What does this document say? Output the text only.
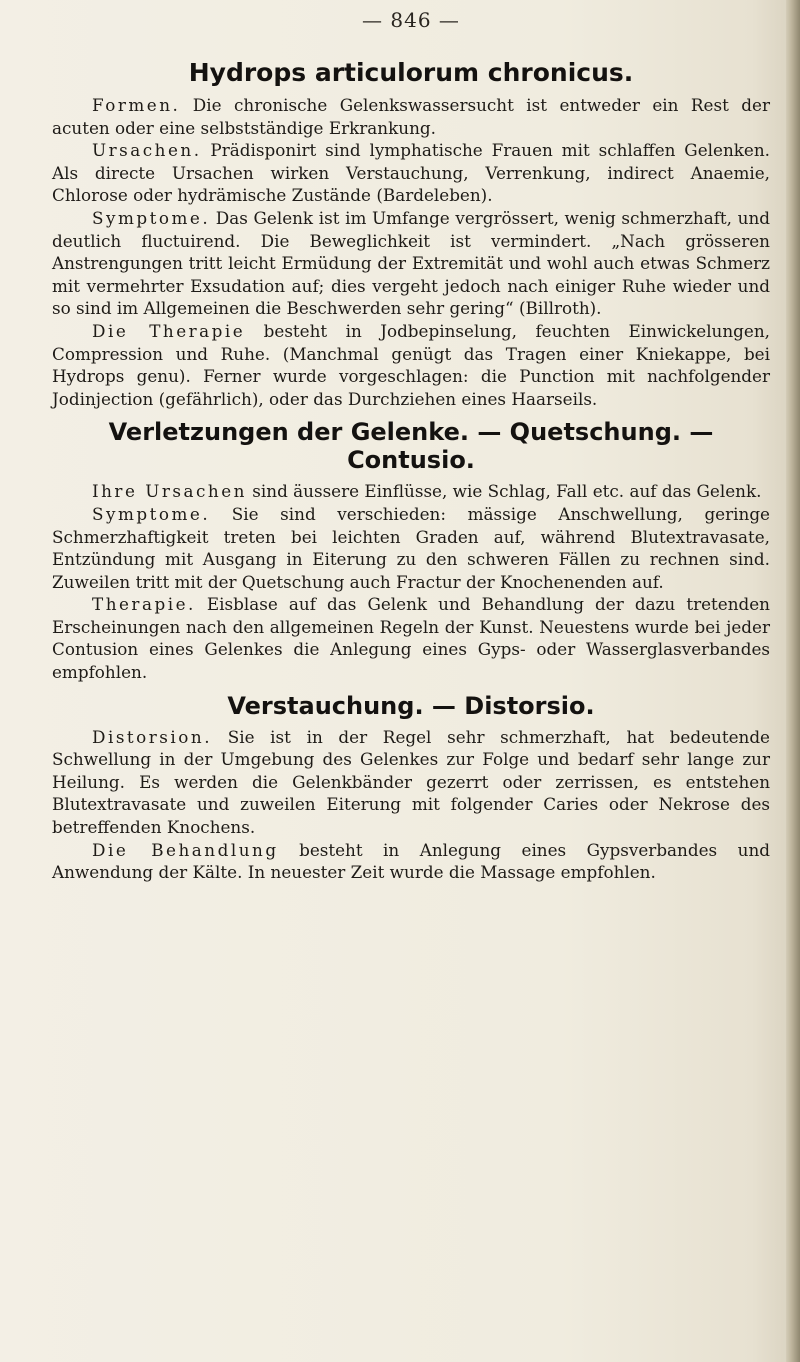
— 846 —
Hydrops articulorum chronicus.

Formen. Die chronische Gelenkswassersucht ist entweder ein Rest der acuten oder eine selbstständige Erkrankung.

Ursachen. Prädisponirt sind lymphatische Frauen mit schlaffen Gelenken. Als directe Ursachen wirken Verstauchung, Verrenkung, indirect Anaemie, Chlorose oder hydrämische Zustände (Bardeleben).

Symptome. Das Gelenk ist im Umfange vergrössert, wenig schmerzhaft, und deutlich fluctuirend. Die Beweglichkeit ist vermindert. „Nach grösseren Anstrengungen tritt leicht Ermüdung der Extremität und wohl auch etwas Schmerz mit vermehrter Exsudation auf; dies vergeht jedoch nach einiger Ruhe wieder und so sind im Allgemeinen die Beschwerden sehr gering“ (Billroth).

Die Therapie besteht in Jodbepinselung, feuchten Einwickelungen, Compression und Ruhe. (Manchmal genügt das Tragen einer Kniekappe, bei Hydrops genu). Ferner wurde vorgeschlagen: die Punction mit nachfolgender Jodinjection (gefährlich), oder das Durchziehen eines Haarseils.

Verletzungen der Gelenke. — Quetschung. —
Contusio.

Ihre Ursachen sind äussere Einflüsse, wie Schlag, Fall etc. auf das Gelenk.

Symptome. Sie sind verschieden: mässige Anschwellung, geringe Schmerzhaftigkeit treten bei leichten Graden auf, während Blutextravasate, Entzündung mit Ausgang in Eiterung zu den schweren Fällen zu rechnen sind. Zuweilen tritt mit der Quetschung auch Fractur der Knochenenden auf.

Therapie. Eisblase auf das Gelenk und Behandlung der dazu tretenden Erscheinungen nach den allgemeinen Regeln der Kunst. Neuestens wurde bei jeder Contusion eines Gelenkes die Anlegung eines Gyps- oder Wasserglasverbandes empfohlen.

Verstauchung. — Distorsio.

Distorsion. Sie ist in der Regel sehr schmerzhaft, hat bedeutende Schwellung in der Umgebung des Gelenkes zur Folge und bedarf sehr lange zur Heilung. Es werden die Gelenkbänder gezerrt oder zerrissen, es entstehen Blutextravasate und zuweilen Eiterung mit folgender Caries oder Nekrose des betreffenden Knochens.

Die Behandlung besteht in Anlegung eines Gypsverbandes und Anwendung der Kälte. In neuester Zeit wurde die Massage empfohlen.
